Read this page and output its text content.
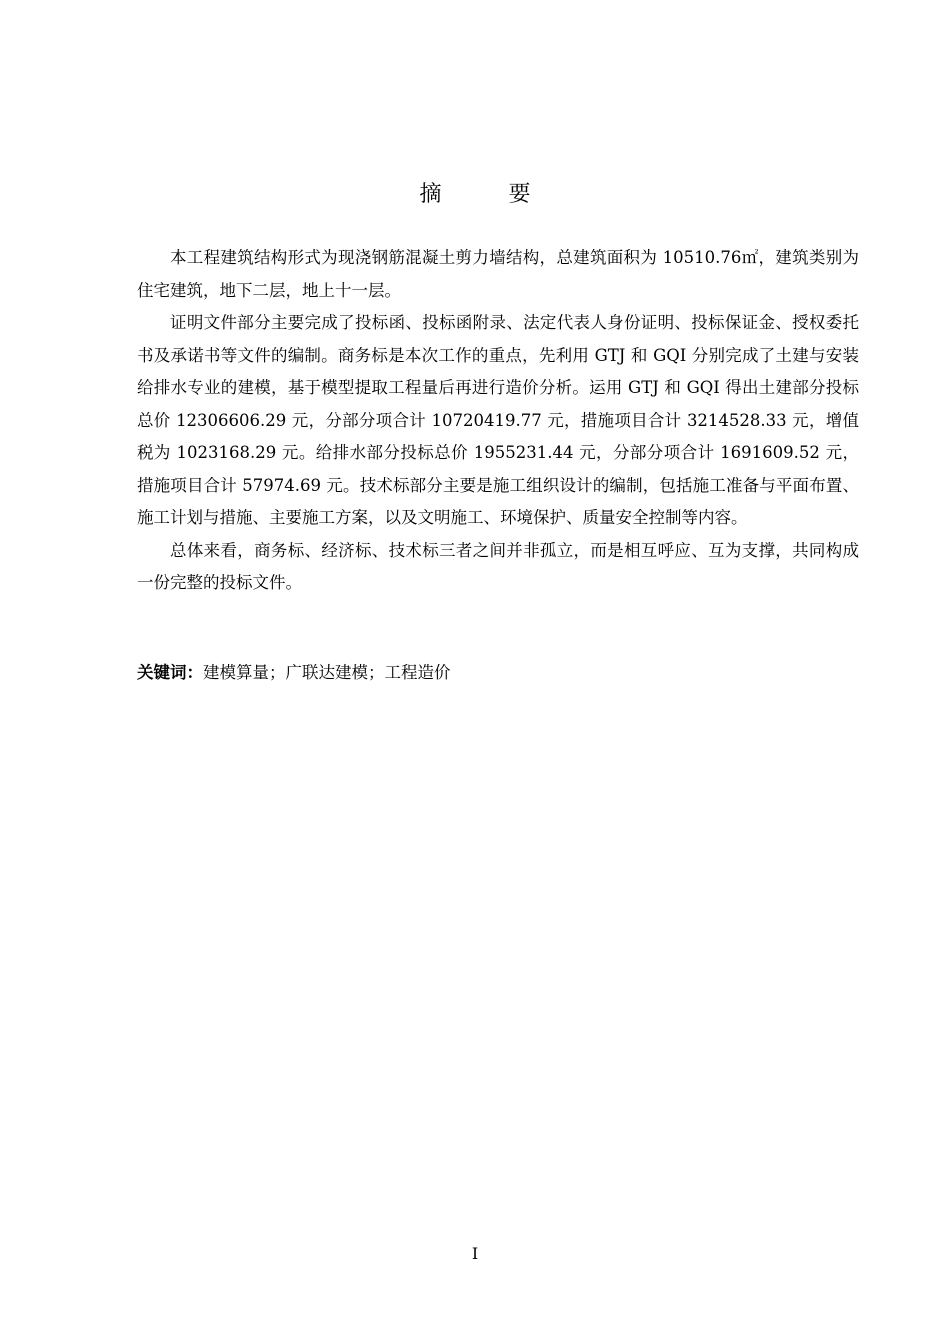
摘 要

本工程建筑结构形式为现浇钢筋混凝土剪力墙结构，总建筑面积为 10510.76㎡，建筑类别为住宅建筑，地下二层，地上十一层。

证明文件部分主要完成了投标函、投标函附录、法定代表人身份证明、投标保证金、授权委托书及承诺书等文件的编制。商务标是本次工作的重点，先利用 GTJ 和 GQI 分别完成了土建与安装给排水专业的建模，基于模型提取工程量后再进行造价分析。运用 GTJ 和 GQI 得出土建部分投标总价 12306606.29 元，分部分项合计 10720419.77 元，措施项目合计 3214528.33 元，增值税为 1023168.29 元。给排水部分投标总价 1955231.44 元，分部分项合计 1691609.52 元，措施项目合计 57974.69 元。技术标部分主要是施工组织设计的编制，包括施工准备与平面布置、施工计划与措施、主要施工方案，以及文明施工、环境保护、质量安全控制等内容。

总体来看，商务标、经济标、技术标三者之间并非孤立，而是相互呼应、互为支撑，共同构成一份完整的投标文件。

关键词：建模算量；广联达建模；工程造价
I
